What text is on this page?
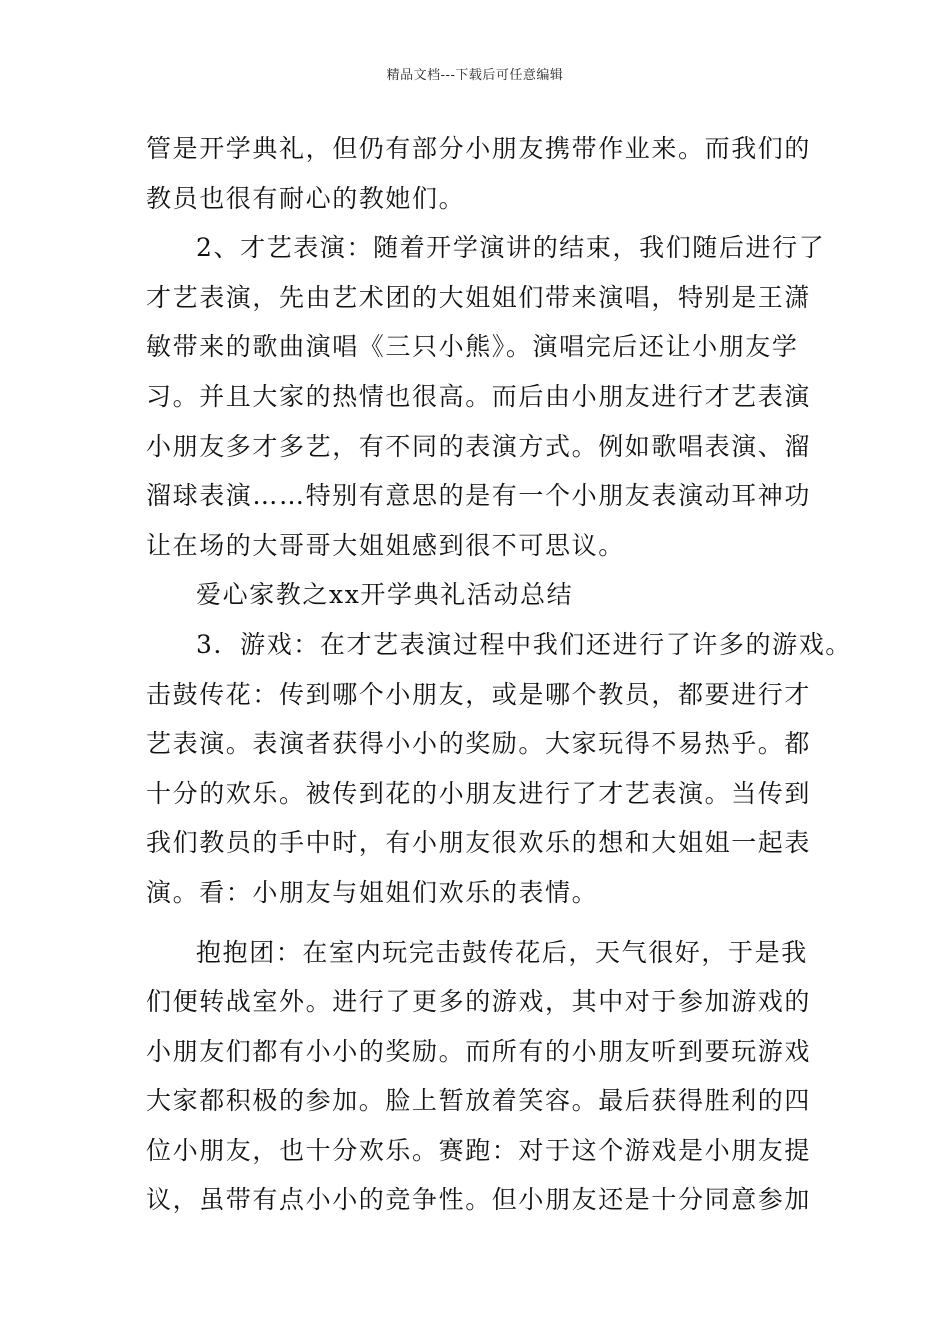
精品文档---下载后可任意编辑
管是开学典礼，但仍有部分小朋友携带作业来。而我们的
教员也很有耐心的教她们。
2、才艺表演：随着开学演讲的结束，我们随后进行了
才艺表演，先由艺术团的大姐姐们带来演唱，特别是王潇
敏带来的歌曲演唱《三只小熊》。演唱完后还让小朋友学
习。并且大家的热情也很高。而后由小朋友进行才艺表演
小朋友多才多艺，有不同的表演方式。例如歌唱表演、溜
溜球表演……特别有意思的是有一个小朋友表演动耳神功
让在场的大哥哥大姐姐感到很不可思议。
爱心家教之xx开学典礼活动总结
3．游戏：在才艺表演过程中我们还进行了许多的游戏。
击鼓传花：传到哪个小朋友，或是哪个教员，都要进行才
艺表演。表演者获得小小的奖励。大家玩得不易热乎。都
十分的欢乐。被传到花的小朋友进行了才艺表演。当传到
我们教员的手中时，有小朋友很欢乐的想和大姐姐一起表
演。看：小朋友与姐姐们欢乐的表情。
抱抱团：在室内玩完击鼓传花后，天气很好，于是我
们便转战室外。进行了更多的游戏，其中对于参加游戏的
小朋友们都有小小的奖励。而所有的小朋友听到要玩游戏
大家都积极的参加。脸上暂放着笑容。最后获得胜利的四
位小朋友，也十分欢乐。赛跑：对于这个游戏是小朋友提
议，虽带有点小小的竞争性。但小朋友还是十分同意参加
